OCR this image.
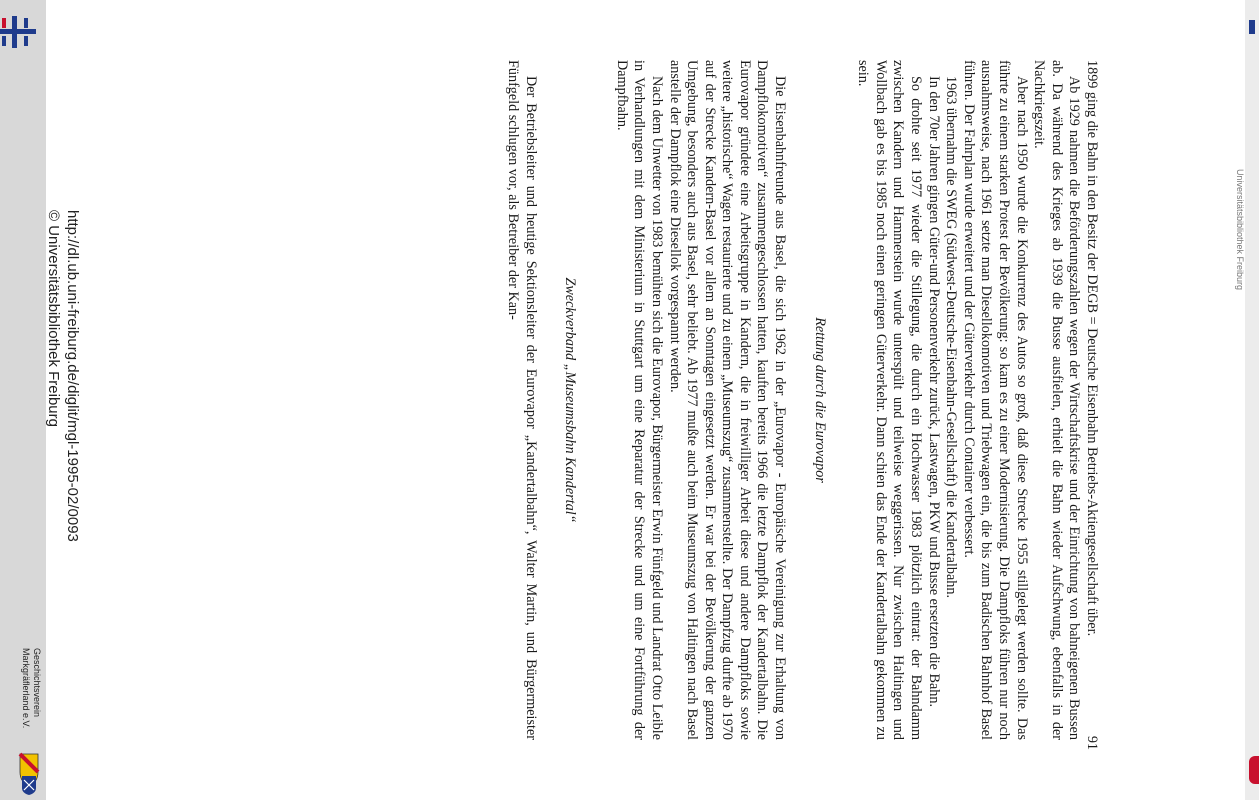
Geschichtsverein
Markgräflerland e.V.
http://dl.ub.uni-freiburg.de/diglit/mgl-1995-02/0093
© Universitätsbibliothek Freiburg	Universitätsbibliothek Freiburg
91

1899 ging die Bahn in den Besitz der DEGB = Deutsche Eisenbahn Betriebs-Aktiengesellschaft über.

Ab 1929 nahmen die Beförderungszahlen wegen der Wirtschaftskrise und der Einrichtung von bahneigenen Bussen ab. Da während des Krieges ab 1939 die Busse ausfielen, erhielt die Bahn wieder Aufschwung, ebenfalls in der Nachkriegszeit.

Aber nach 1950 wurde die Konkurrenz des Autos so groß, daß diese Strecke 1955 stillgelegt werden sollte. Das führte zu einem starken Protest der Bevölkerung: so kam es zu einer Modernisierung. Die Dampfloks führen nur noch ausnahmsweise, nach 1961 setzte man Diesellokomotiven und Triebwagen ein, die bis zum Badischen Bahnhof Basel führen. Der Fahrplan wurde erweitert und der Güterverkehr durch Container verbessert.

1963 übernahm die SWEG (Südwest-Deutsche-Eisenbahn-Gesellschaft) die Kandertalbahn.

In den 70er Jahren gingen Güter-und Personenverkehr zurück, Lastwagen, PKW und Busse ersetzten die Bahn.

So drohte seit 1977 wieder die Stillegung, die durch ein Hochwasser 1983 plötzlich eintrat: der Bahndamm zwischen Kandern und Hammerstein wurde unterspült und teilweise weggerissen. Nur zwischen Haltingen und Wollbach gab es bis 1985 noch einen geringen Güterverkehr. Dann schien das Ende der Kandertalbahn gekommen zu sein.

Rettung durch die Eurovapor

Die Eisenbahnfreunde aus Basel, die sich 1962 in der „Eurovapor - Europäische Vereinigung zur Erhaltung von Dampflokomotiven“ zusammengeschlossen hatten, kauften bereits 1966 die letzte Dampflok der Kandertalbahn. Die Eurovapor gründete eine Arbeitsgruppe in Kandern, die in freiwilliger Arbeit diese und andere Dampfloks sowie weitere „historische“ Wagen restaurierte und zu einem „Museumszug“ zusammenstellte. Der Dampfzug durfte ab 1970 auf der Strecke Kandern-Basel vor allem an Sonntagen eingesetzt werden. Er war bei der Bevölkerung der ganzen Umgebung, besonders auch aus Basel, sehr beliebt. Ab 1977 mußte auch beim Museumszug von Haltingen nach Basel anstelle der Dampflok eine Diesellok vorgespannt werden.

Nach dem Unwetter von 1983 bemühten sich die Eurovapor, Bürgermeister Erwin Fünfgeld und Landrat Otto Leible in Verhandlungen mit dem Ministerium in Stuttgart um eine Reparatur der Strecke und um eine Fortführung der Dampfbahn.

Zweckverband „Museumsbahn Kandertal“

Der Betriebsleiter und heutige Sektionsleiter der Eurovapor „Kandertalbahn“, Walter Martin, und Bürgermeister Fünfgeld schlugen vor, als Betreiber der Kan-
